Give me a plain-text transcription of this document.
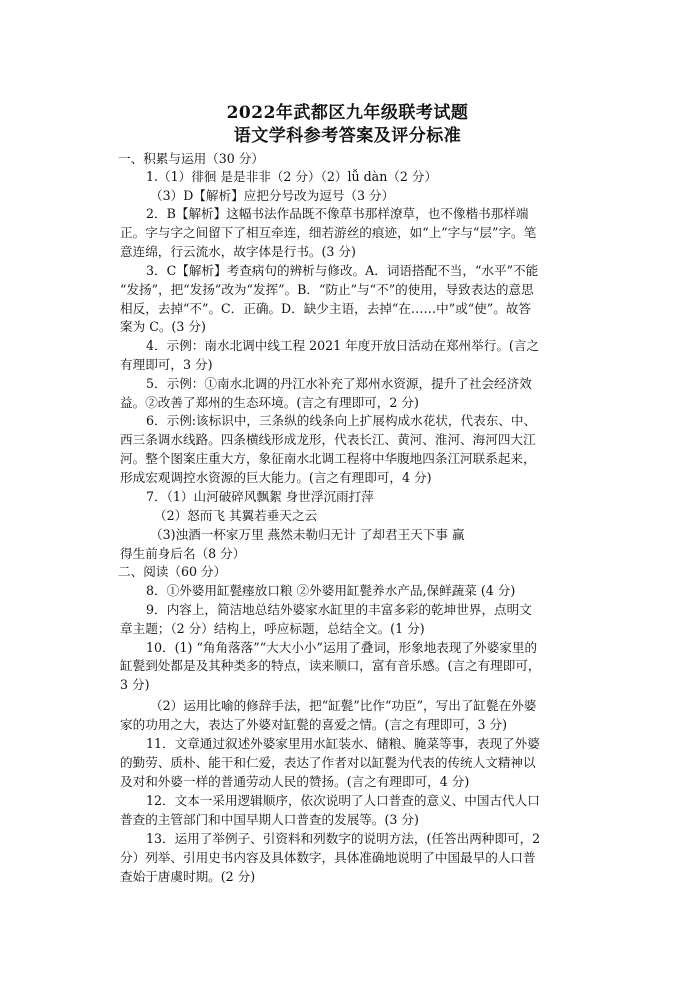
2022年武都区九年级联考试题
语文学科参考答案及评分标准
一、积累与运用（30 分）
1.（1）徘徊 是是非非（2 分）（2）lǚ dàn（2 分）
（3）D【解析】应把分号改为逗号（3 分）
2．B【解析】这幅书法作品既不像草书那样潦草，也不像楷书那样端
正。字与字之间留下了相互牵连，细若游丝的痕迹，如“上”字与“层”字。笔
意连绵，行云流水，故字体是行书。(3 分)
3．C【解析】考查病句的辨析与修改。A．词语搭配不当，“水平”不能
“发扬”，把“发扬”改为“发挥”。B．“防止”与“不”的使用，导致表达的意思
相反，去掉“不”。C．正确。D．缺少主语，去掉“在……中”或“使”。故答
案为 C。(3 分)
4．示例：南水北调中线工程 2021 年度开放日活动在郑州举行。(言之
有理即可，3 分)
5．示例：①南水北调的丹江水补充了郑州水资源，提升了社会经济效
益。②改善了郑州的生态环境。(言之有理即可，2 分)
6．示例:该标识中，三条纵的线条向上扩展构成水花状，代表东、中、
西三条调水线路。四条横线形成龙形，代表长江、黄河、淮河、海河四大江
河。整个图案庄重大方，象征南水北调工程将中华腹地四条江河联系起来，
形成宏观调控水资源的巨大能力。(言之有理即可，4 分)
7．（1）山河破碎风飘絮 身世浮沉雨打萍
（2）怒而飞 其翼若垂天之云
（3)浊酒一杯家万里 燕然未勒归无计 了却君王天下事 赢
得生前身后名（8 分）
二、阅读（60 分）
8．①外婆用缸甏瘗放口粮 ②外婆用缸甏养水产品,保鲜蔬菜 (4 分)
9．内容上，简洁地总结外婆家水缸里的丰富多彩的乾坤世界，点明文
章主题；（2 分）结构上，呼应标题，总结全文。(1 分)
10．(1) “角角落落”“大大小小”运用了叠词，形象地表现了外婆家里的
缸甏到处都是及其种类多的特点，读来顺口，富有音乐感。(言之有理即可，
3 分)
（2）运用比喻的修辞手法，把“缸甏”比作“功臣”，写出了缸甏在外婆
家的功用之大，表达了外婆对缸甏的喜爱之情。(言之有理即可，3 分)
11．文章通过叙述外婆家里用水缸装水、储粮、腌菜等事，表现了外婆
的勤劳、质朴、能干和仁爱，表达了作者对以缸甏为代表的传统人文精神以
及对和外婆一样的普通劳动人民的赞扬。(言之有理即可，4 分)
12．文本一采用逻辑顺序，依次说明了人口普查的意义、中国古代人口
普查的主管部门和中国早期人口普查的发展等。(3 分)
13．运用了举例子、引资料和列数字的说明方法，(任答出两种即可，2
分）列举、引用史书内容及具体数字，具体准确地说明了中国最早的人口普
查始于唐虞时期。(2 分)
